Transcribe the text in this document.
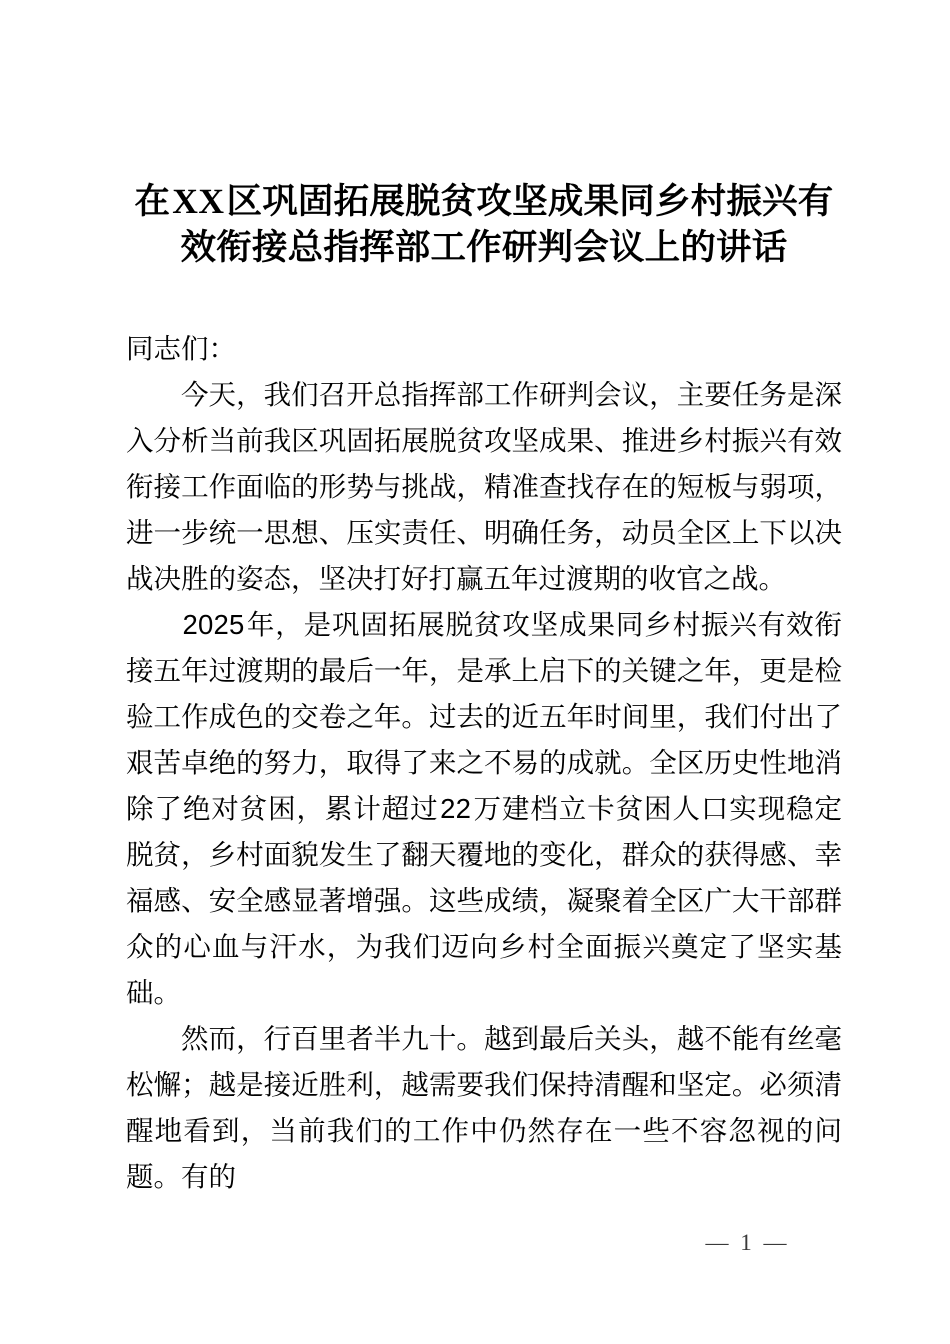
在XX区巩固拓展脱贫攻坚成果同乡村振兴有效衔接总指挥部工作研判会议上的讲话

同志们：

今天，我们召开总指挥部工作研判会议，主要任务是深入分析当前我区巩固拓展脱贫攻坚成果、推进乡村振兴有效衔接工作面临的形势与挑战，精准查找存在的短板与弱项，进一步统一思想、压实责任、明确任务，动员全区上下以决战决胜的姿态，坚决打好打赢五年过渡期的收官之战。

2025年，是巩固拓展脱贫攻坚成果同乡村振兴有效衔接五年过渡期的最后一年，是承上启下的关键之年，更是检验工作成色的交卷之年。过去的近五年时间里，我们付出了艰苦卓绝的努力，取得了来之不易的成就。全区历史性地消除了绝对贫困，累计超过22万建档立卡贫困人口实现稳定脱贫，乡村面貌发生了翻天覆地的变化，群众的获得感、幸福感、安全感显著增强。这些成绩，凝聚着全区广大干部群众的心血与汗水，为我们迈向乡村全面振兴奠定了坚实基础。

然而，行百里者半九十。越到最后关头，越不能有丝毫松懈；越是接近胜利，越需要我们保持清醒和坚定。必须清醒地看到，当前我们的工作中仍然存在一些不容忽视的问题。有的

— 1 —
